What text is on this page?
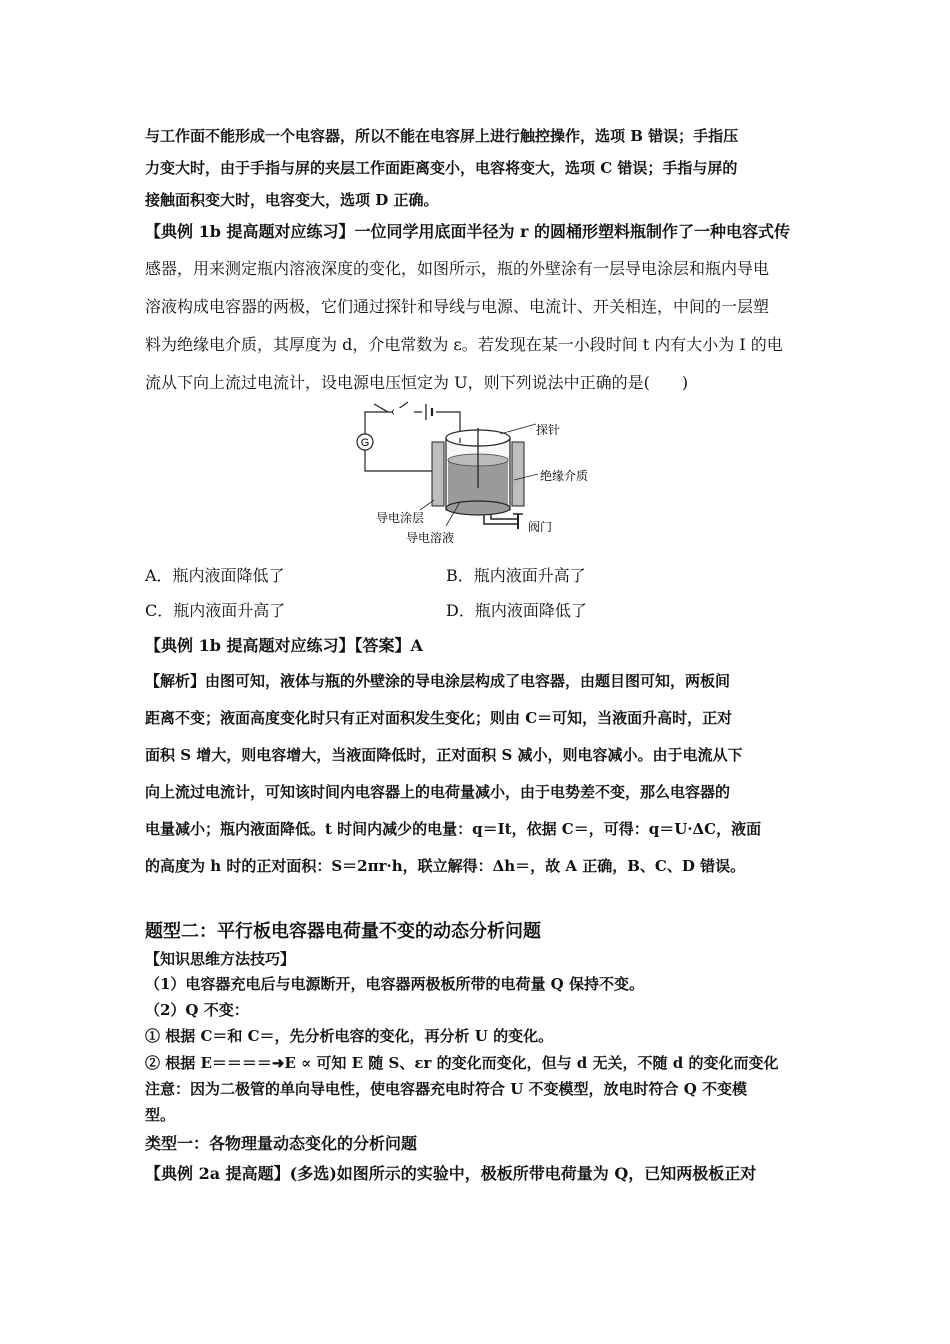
与工作面不能形成一个电容器，所以不能在电容屏上进行触控操作，选项 B 错误；手指压
力变大时，由于手指与屏的夹层工作面距离变小，电容将变大，选项 C 错误；手指与屏的
接触面积变大时，电容变大，选项 D 正确。
【典例 1b 提高题对应练习】一位同学用底面半径为 r 的圆桶形塑料瓶制作了一种电容式传
感器，用来测定瓶内溶液深度的变化，如图所示，瓶的外壁涂有一层导电涂层和瓶内导电
溶液构成电容器的两极，它们通过探针和导线与电源、电流计、开关相连，中间的一层塑
料为绝缘电介质，其厚度为 d，介电常数为 ε。若发现在某一小段时间 t 内有大小为 I 的电
流从下向上流过电流计，设电源电压恒定为 U，则下列说法中正确的是(　　)
G
探针
绝缘介质
导电涂层
导电溶液
阀门
A．瓶内液面降低了	B．瓶内液面升高了
C．瓶内液面升高了	D．瓶内液面降低了
【典例 1b 提高题对应练习】【答案】A
【解析】由图可知，液体与瓶的外壁涂的导电涂层构成了电容器，由题目图可知，两板间
距离不变；液面高度变化时只有正对面积发生变化；则由 C＝可知，当液面升高时，正对
面积 S 增大，则电容增大，当液面降低时，正对面积 S 减小，则电容减小。由于电流从下
向上流过电流计，可知该时间内电容器上的电荷量减小，由于电势差不变，那么电容器的
电量减小；瓶内液面降低。t 时间内减少的电量：q＝It，依据 C＝，可得：q＝U·ΔC，液面
的高度为 h 时的正对面积：S＝2πr·h，联立解得：Δh＝，故 A 正确，B、C、D 错误。
题型二：平行板电容器电荷量不变的动态分析问题
【知识思维方法技巧】
（1）电容器充电后与电源断开，电容器两极板所带的电荷量 Q 保持不变。
（2）Q 不变：
① 根据 C＝和 C＝，先分析电容的变化，再分析 U 的变化。
② 根据 E＝＝＝＝➜E ∝ 可知 E 随 S、εr 的变化而变化，但与 d 无关，不随 d 的变化而变化
注意：因为二极管的单向导电性，使电容器充电时符合 U 不变模型，放电时符合 Q 不变模
型。
类型一：各物理量动态变化的分析问题
【典例 2a 提高题】(多选)如图所示的实验中，极板所带电荷量为 Q，已知两极板正对
